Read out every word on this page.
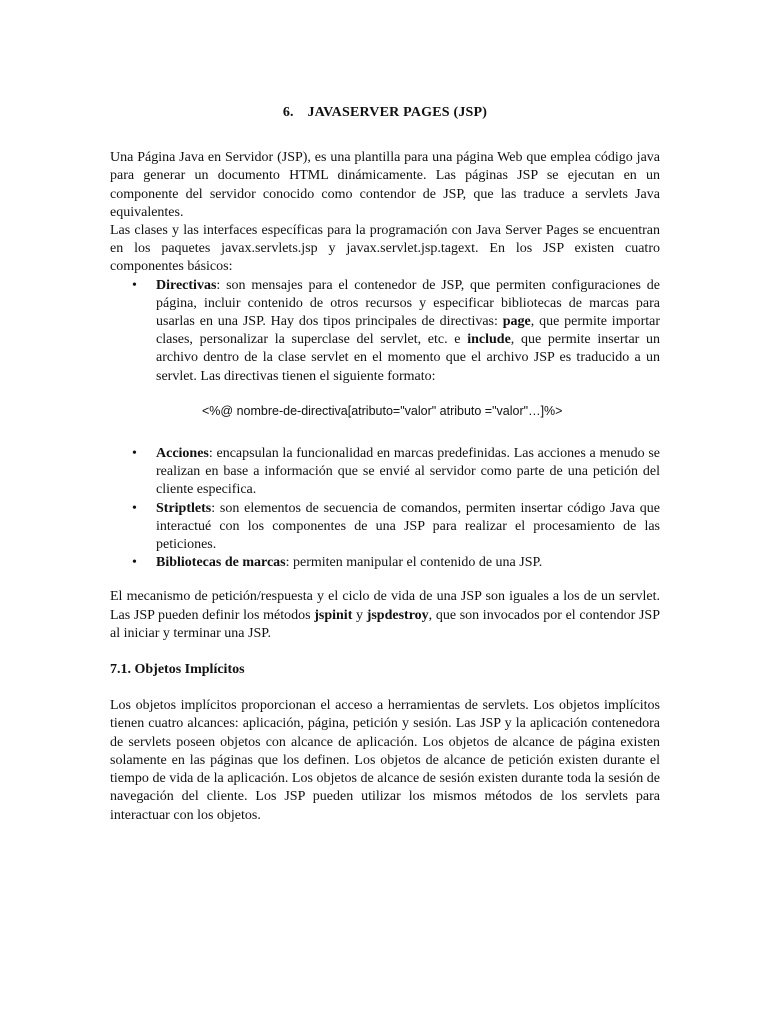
6. JAVASERVER PAGES (JSP)

Una Página Java en Servidor (JSP), es una plantilla para una página Web que emplea código java para generar un documento HTML dinámicamente. Las páginas JSP se ejecutan en un componente del servidor conocido como contendor de JSP, que las traduce a servlets Java equivalentes.

Las clases y las interfaces específicas para la programación con Java Server Pages se encuentran en los paquetes javax.servlets.jsp y javax.servlet.jsp.tagext. En los JSP existen cuatro componentes básicos:

• Directivas: son mensajes para el contenedor de JSP, que permiten configuraciones de página, incluir contenido de otros recursos y especificar bibliotecas de marcas para usarlas en una JSP. Hay dos tipos principales de directivas: page, que permite importar clases, personalizar la superclase del servlet, etc. e include, que permite insertar un archivo dentro de la clase servlet en el momento que el archivo JSP es traducido a un servlet. Las directivas tienen el siguiente formato:
<%@ nombre-de-directiva[atributo="valor" atributo ="valor"…]%>
• Acciones: encapsulan la funcionalidad en marcas predefinidas. Las acciones a menudo se realizan en base a información que se envié al servidor como parte de una petición del cliente especifica.
• Striptlets: son elementos de secuencia de comandos, permiten insertar código Java que interactué con los componentes de una JSP para realizar el procesamiento de las peticiones.
• Bibliotecas de marcas: permiten manipular el contenido de una JSP.

El mecanismo de petición/respuesta y el ciclo de vida de una JSP son iguales a los de un servlet. Las JSP pueden definir los métodos jspinit y jspdestroy, que son invocados por el contendor JSP al iniciar y terminar una JSP.

7.1. Objetos Implícitos

Los objetos implícitos proporcionan el acceso a herramientas de servlets. Los objetos implícitos tienen cuatro alcances: aplicación, página, petición y sesión. Las JSP y la aplicación contenedora de servlets poseen objetos con alcance de aplicación. Los objetos de alcance de página existen solamente en las páginas que los definen. Los objetos de alcance de petición existen durante el tiempo de vida de la aplicación. Los objetos de alcance de sesión existen durante toda la sesión de navegación del cliente. Los JSP pueden utilizar los mismos métodos de los servlets para interactuar con los objetos.
